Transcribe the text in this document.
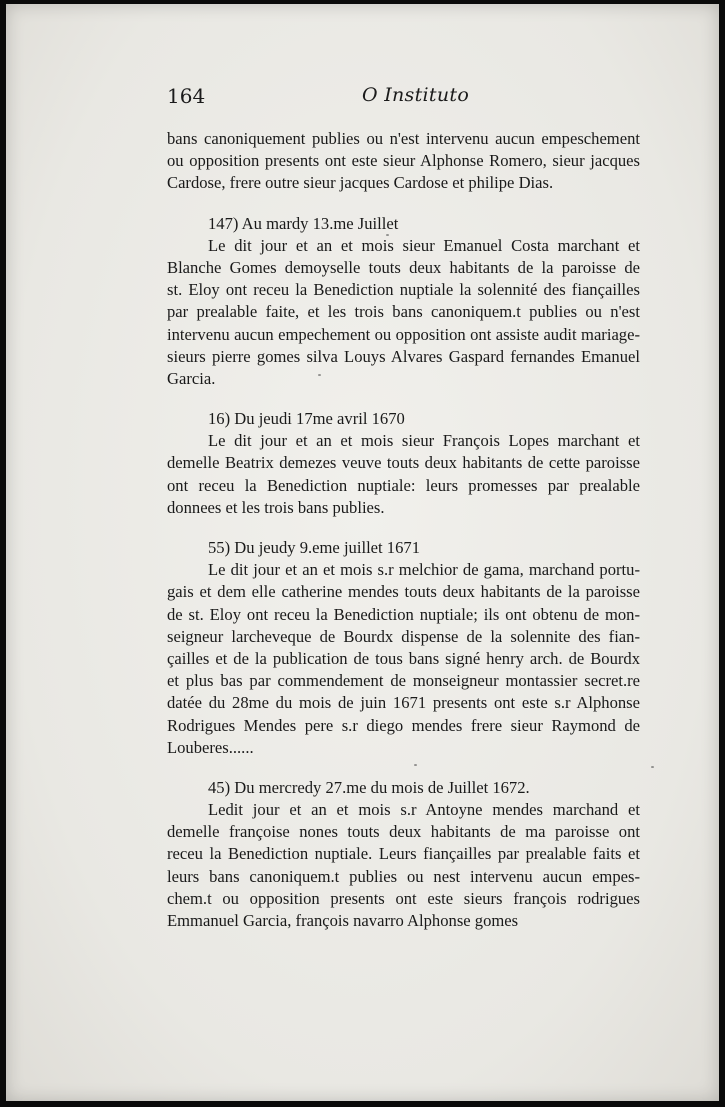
164	O Instituto
bans canoniquement publies ou n'est intervenu aucun empeschement
ou opposition presents ont este sieur Alphonse Romero, sieur jacques
Cardose, frere outre sieur jacques Cardose et philipe Dias.
147) Au mardy 13.me Juillet
Le dit jour et an et mois sieur Emanuel Costa marchant et
Blanche Gomes demoyselle touts deux habitants de la paroisse de
st. Eloy ont receu la Benediction nuptiale la solennité des fiançailles
par prealable faite, et les trois bans canoniquem.t publies ou n'est
intervenu aucun empechement ou opposition ont assiste audit mariage-
sieurs pierre gomes silva Louys Alvares Gaspard fernandes Emanuel
Garcia.
16) Du jeudi 17me avril 1670
Le dit jour et an et mois sieur François Lopes marchant et
demelle Beatrix demezes veuve touts deux habitants de cette paroisse
ont receu la Benediction nuptiale: leurs promesses par prealable
donnees et les trois bans publies.
55) Du jeudy 9.eme juillet 1671
Le dit jour et an et mois s.r melchior de gama, marchand portu-
gais et dem elle catherine mendes touts deux habitants de la paroisse
de st. Eloy ont receu la Benediction nuptiale; ils ont obtenu de mon-
seigneur larcheveque de Bourdx dispense de la solennite des fian-
çailles et de la publication de tous bans signé henry arch. de Bourdx
et plus bas par commendement de monseigneur montassier secret.re
datée du 28me du mois de juin 1671 presents ont este s.r Alphonse
Rodrigues Mendes pere s.r diego mendes frere sieur Raymond de
Louberes......
45) Du mercredy 27.me du mois de Juillet 1672.
Ledit jour et an et mois s.r Antoyne mendes marchand et
demelle françoise nones touts deux habitants de ma paroisse ont
receu la Benediction nuptiale. Leurs fiançailles par prealable faits et
leurs bans canoniquem.t publies ou nest intervenu aucun empes-
chem.t ou opposition presents ont este sieurs françois rodrigues
Emmanuel Garcia, françois navarro Alphonse gomes
